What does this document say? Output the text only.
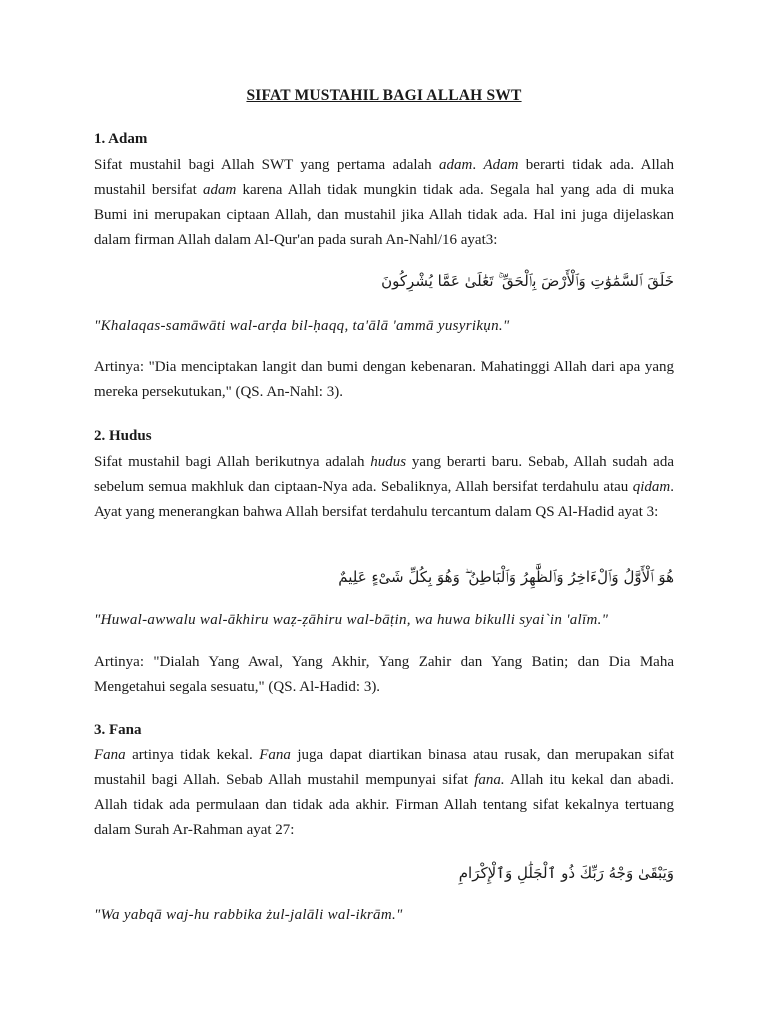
SIFAT MUSTAHIL BAGI ALLAH SWT
1. Adam
Sifat mustahil bagi Allah SWT yang pertama adalah adam. Adam berarti tidak ada. Allah mustahil bersifat adam karena Allah tidak mungkin tidak ada. Segala hal yang ada di muka Bumi ini merupakan ciptaan Allah, dan mustahil jika Allah tidak ada. Hal ini juga dijelaskan dalam firman Allah dalam Al-Qur'an pada surah An-Nahl/16 ayat3:
خَلَقَ ٱلسَّمَٰوَٰتِ وَٱلْأَرْضَ بِٱلْحَقِّ ۚ تَعَٰلَىٰ عَمَّا يُشْرِكُونَ
"Khalaqas-samāwāti wal-arḍa bil-ḥaqq, ta'ālā 'ammā yusyrikụn."
Artinya: "Dia menciptakan langit dan bumi dengan kebenaran. Mahatinggi Allah dari apa yang mereka persekutukan," (QS. An-Nahl: 3).
2. Hudus
Sifat mustahil bagi Allah berikutnya adalah hudus yang berarti baru. Sebab, Allah sudah ada sebelum semua makhluk dan ciptaan-Nya ada. Sebaliknya, Allah bersifat terdahulu atau qidam. Ayat yang menerangkan bahwa Allah bersifat terdahulu tercantum dalam QS Al-Hadid ayat 3:
هُوَ ٱلْأَوَّلُ وَٱلْءَاخِرُ وَٱلظَّٰهِرُ وَٱلْبَاطِنُ ۖ وَهُوَ بِكُلِّ شَىْءٍ عَلِيمٌ
"Huwal-awwalu wal-ākhiru waẓ-ẓāhiru wal-bāṭin, wa huwa bikulli syai`in 'alīm."
Artinya: "Dialah Yang Awal, Yang Akhir, Yang Zahir dan Yang Batin; dan Dia Maha Mengetahui segala sesuatu," (QS. Al-Hadid: 3).
3. Fana
Fana artinya tidak kekal. Fana juga dapat diartikan binasa atau rusak, dan merupakan sifat mustahil bagi Allah. Sebab Allah mustahil mempunyai sifat fana. Allah itu kekal dan abadi. Allah tidak ada permulaan dan tidak ada akhir. Firman Allah tentang sifat kekalnya tertuang dalam Surah Ar-Rahman ayat 27:
وَيَبْقَىٰ وَجْهُ رَبِّكَ ذُو ٱلْجَلَٰلِ وَٱلْإِكْرَامِ
"Wa yabqā waj-hu rabbika żul-jalāli wal-ikrām."
